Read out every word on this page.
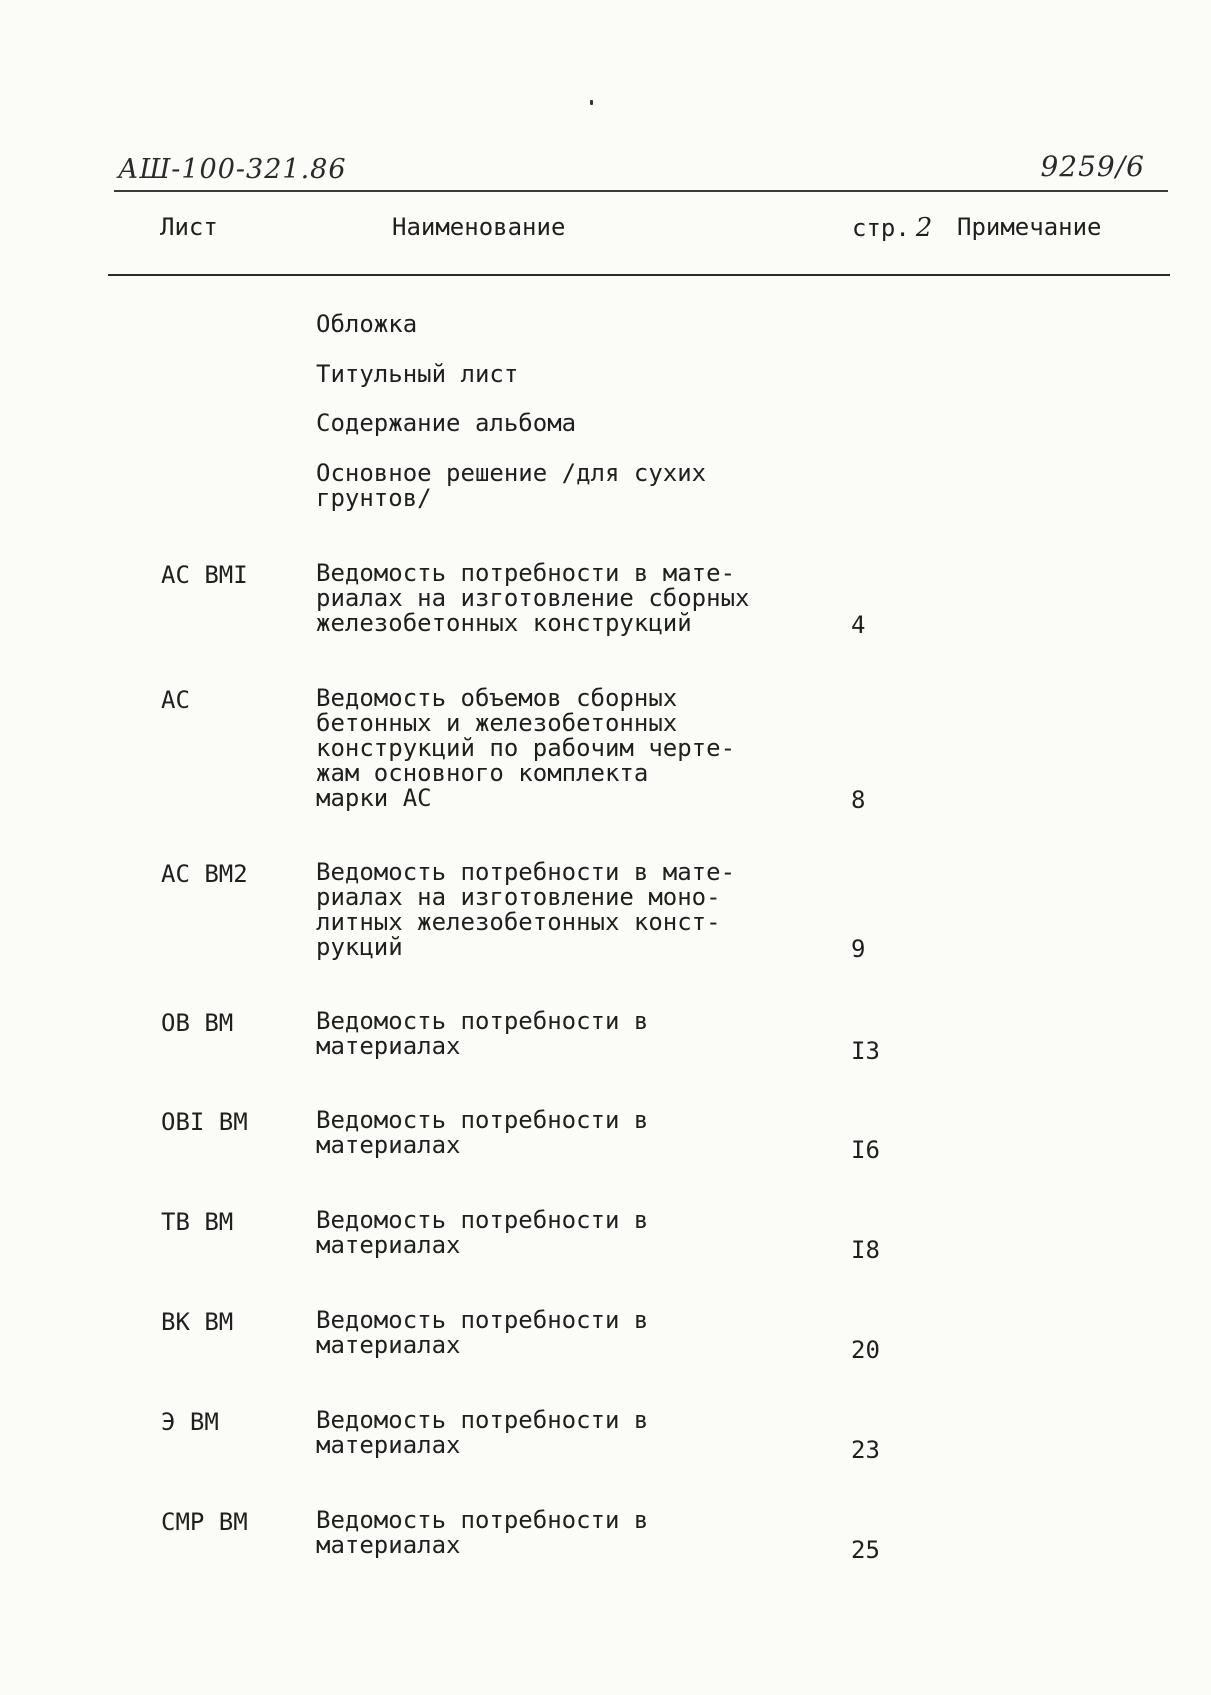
АШ-100-321.86	9259/6
Лист	Наименование	стр. 2 Примечание
Обложка
Титульный лист
Содержание альбома
Основное решение /для сухих
грунтов/
АС ВМI	Ведомость потребности в мате-
риалах на изготовление сборных
железобетонных конструкций	4
АС	Ведомость объемов сборных
бетонных и железобетонных
конструкций по рабочим черте-
жам основного комплекта
марки АС	8
АС ВМ2	Ведомость потребности в мате-
риалах на изготовление моно-
литных железобетонных конст-
рукций	9
ОВ ВМ	Ведомость потребности в
материалах	I3
ОВI ВМ	Ведомость потребности в
материалах	I6
ТВ ВМ	Ведомость потребности в
материалах	I8
ВК ВМ	Ведомость потребности в
материалах	20
Э ВМ	Ведомость потребности в
материалах	23
СМР ВМ	Ведомость потребности в
материалах	25
